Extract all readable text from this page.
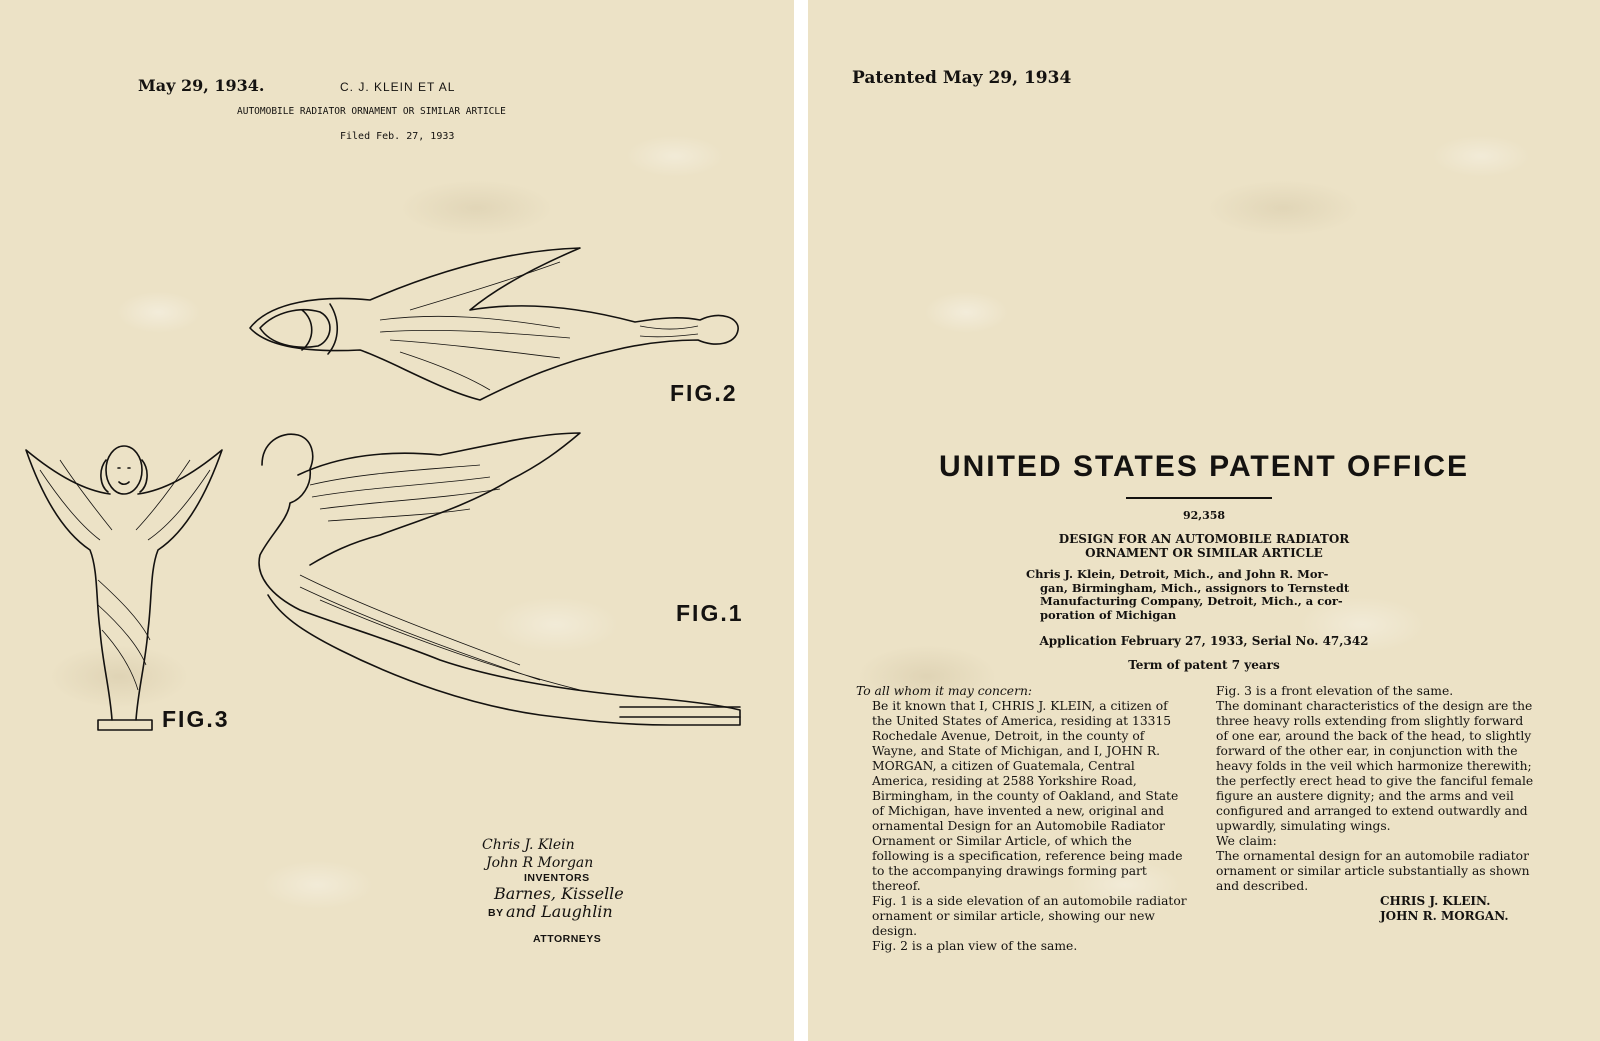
May 29, 1934.	C. J. KLEIN ET AL

AUTOMOBILE RADIATOR ORNAMENT OR SIMILAR ARTICLE

Filed Feb. 27, 1933

FIG.2

FIG.1

FIG.3

Chris J. Klein

John R Morgan

INVENTORS

Barnes, Kisselle

BY and Laughlin

ATTORNEYS

Patented May 29, 1934

UNITED STATES PATENT OFFICE

92,358

DESIGN FOR AN AUTOMOBILE RADIATOR
ORNAMENT OR SIMILAR ARTICLE
Chris J. Klein, Detroit, Mich., and John R. Mor-
gan, Birmingham, Mich., assignors to Ternstedt
Manufacturing Company, Detroit, Mich., a cor-
poration of Michigan

Application February 27, 1933, Serial No. 47,342

Term of patent 7 years

To all whom it may concern:

Be it known that I, CHRIS J. KLEIN, a citizen of the United States of America, residing at 13315 Rochedale Avenue, Detroit, in the county of Wayne, and State of Michigan, and I, JOHN R. MORGAN, a citizen of Guatemala, Central America, residing at 2588 Yorkshire Road, Birmingham, in the county of Oakland, and State of Michigan, have invented a new, original and ornamental Design for an Automobile Radiator Ornament or Similar Article, of which the following is a specification, reference being made to the accompanying drawings forming part thereof.

Fig. 1 is a side elevation of an automobile radiator ornament or similar article, showing our new design.

Fig. 2 is a plan view of the same.

Fig. 3 is a front elevation of the same.

The dominant characteristics of the design are the three heavy rolls extending from slightly forward of one ear, around the back of the head, to slightly forward of the other ear, in conjunction with the heavy folds in the veil which harmonize therewith; the perfectly erect head to give the fanciful female figure an austere dignity; and the arms and veil configured and arranged to extend outwardly and upwardly, simulating wings.

We claim:

The ornamental design for an automobile radiator ornament or similar article substantially as shown and described.

CHRIS J. KLEIN.

JOHN R. MORGAN.
